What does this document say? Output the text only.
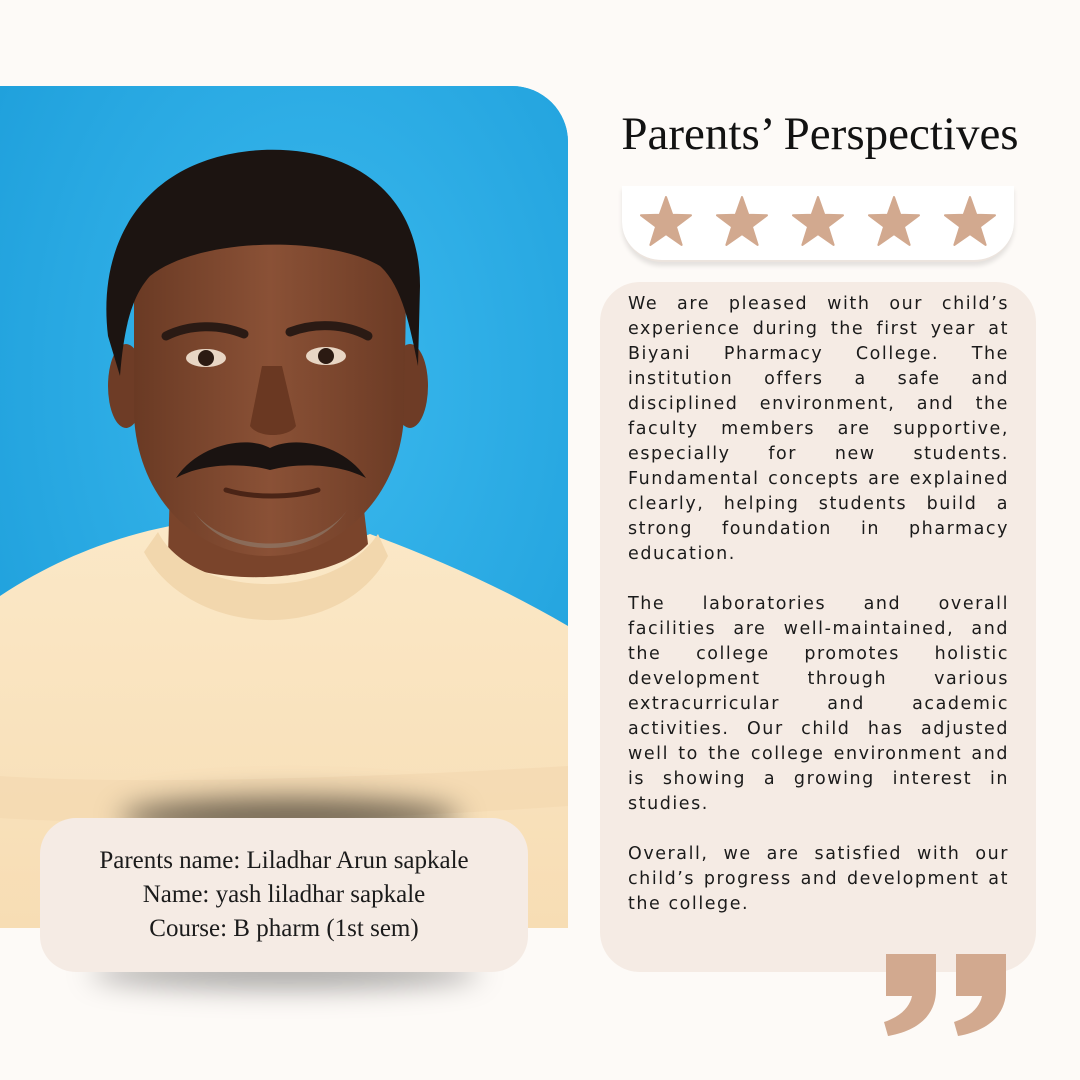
Parents name: Liladhar Arun sapkale
Name: yash liladhar sapkale
Course: B pharm (1st sem)
Parents’ Perspectives

We are pleased with our child’s experience during the first year at Biyani Pharmacy College. The institution offers a safe and disciplined environment, and the faculty members are supportive, especially for new students. Fundamental concepts are explained clearly, helping students build a strong foundation in pharmacy education.

The laboratories and overall facilities are well-maintained, and the college promotes holistic development through various extracurricular and academic activities. Our child has adjusted well to the college environment and is showing a growing interest in studies.

Overall, we are satisfied with our child’s progress and development at the college.
